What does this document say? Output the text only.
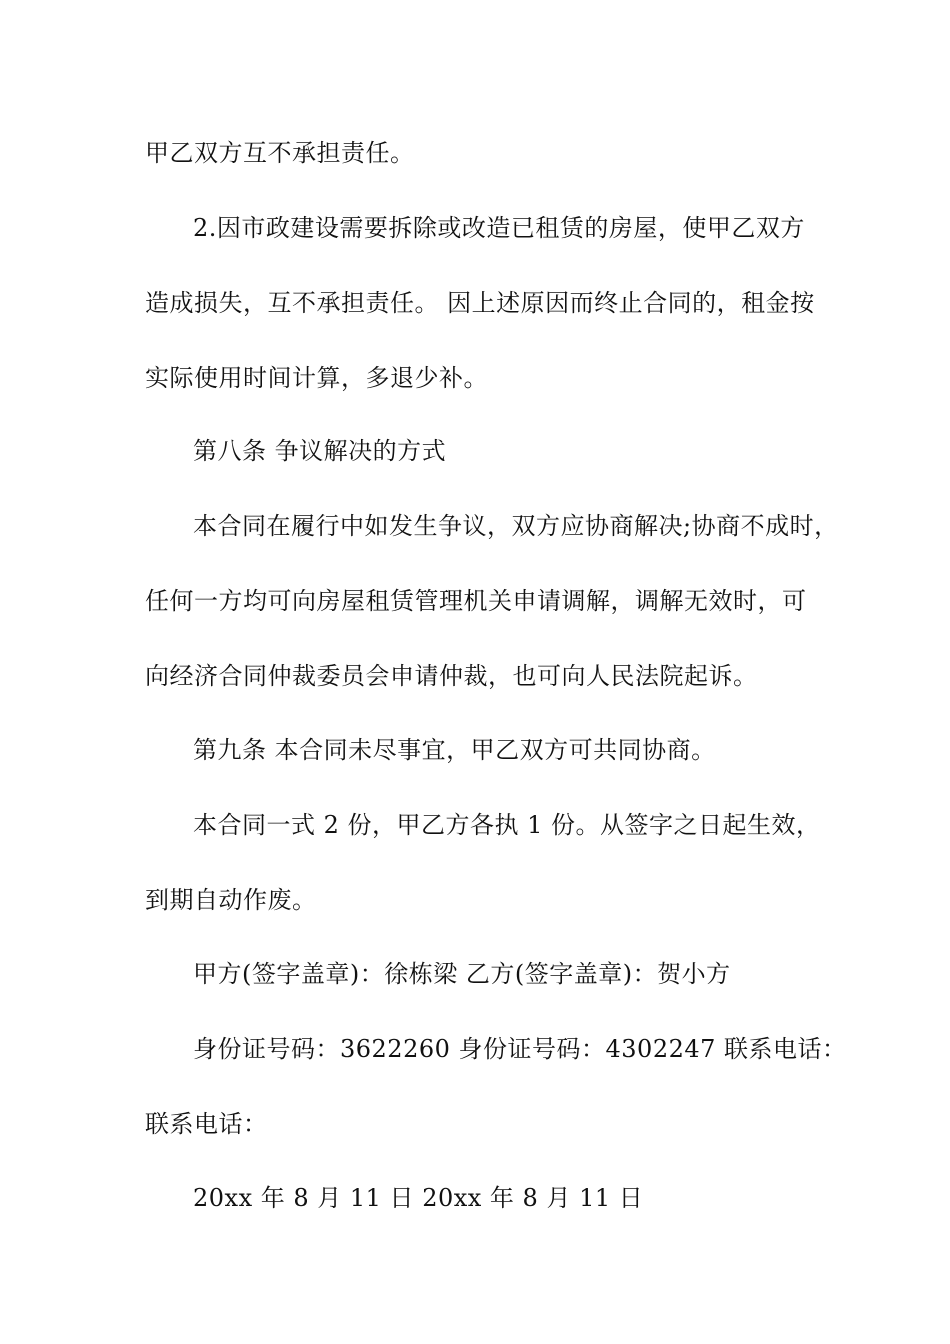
甲乙双方互不承担责任。
2.因市政建设需要拆除或改造已租赁的房屋，使甲乙双方
造成损失，互不承担责任。 因上述原因而终止合同的，租金按
实际使用时间计算，多退少补。
第八条 争议解决的方式
本合同在履行中如发生争议，双方应协商解决;协商不成时，
任何一方均可向房屋租赁管理机关申请调解，调解无效时，可
向经济合同仲裁委员会申请仲裁，也可向人民法院起诉。
第九条 本合同未尽事宜，甲乙双方可共同协商。
本合同一式 2 份，甲乙方各执 1 份。从签字之日起生效，
到期自动作废。
甲方(签字盖章)：徐栋梁 乙方(签字盖章)：贺小方
身份证号码：3622260 身份证号码：4302247 联系电话：
联系电话：
20xx 年 8 月 11 日 20xx 年 8 月 11 日
